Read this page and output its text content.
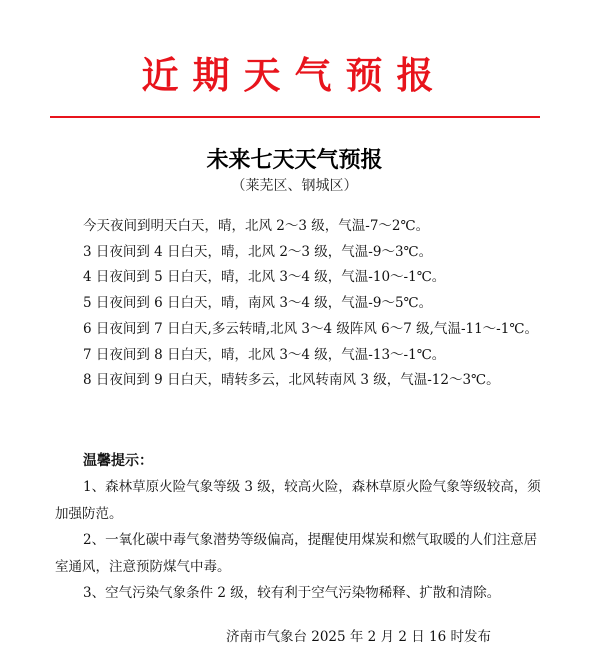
近期天气预报
未来七天天气预报
（莱芜区、钢城区）
今天夜间到明天白天，晴，北风 2～3 级，气温-7～2℃。
3 日夜间到 4 日白天，晴，北风 2～3 级，气温-9～3℃。
4 日夜间到 5 日白天，晴，北风 3～4 级，气温-10～-1℃。
5 日夜间到 6 日白天，晴，南风 3～4 级，气温-9～5℃。
6 日夜间到 7 日白天,多云转晴,北风 3～4 级阵风 6～7 级,气温-11～-1℃。
7 日夜间到 8 日白天，晴，北风 3～4 级，气温-13～-1℃。
8 日夜间到 9 日白天，晴转多云，北风转南风 3 级，气温-12～3℃。
温馨提示：
1、森林草原火险气象等级 3 级，较高火险，森林草原火险气象等级较高，须加强防范。
2、一氧化碳中毒气象潜势等级偏高，提醒使用煤炭和燃气取暖的人们注意居室通风，注意预防煤气中毒。
3、空气污染气象条件 2 级，较有利于空气污染物稀释、扩散和清除。
济南市气象台 2025 年 2 月 2 日 16 时发布
